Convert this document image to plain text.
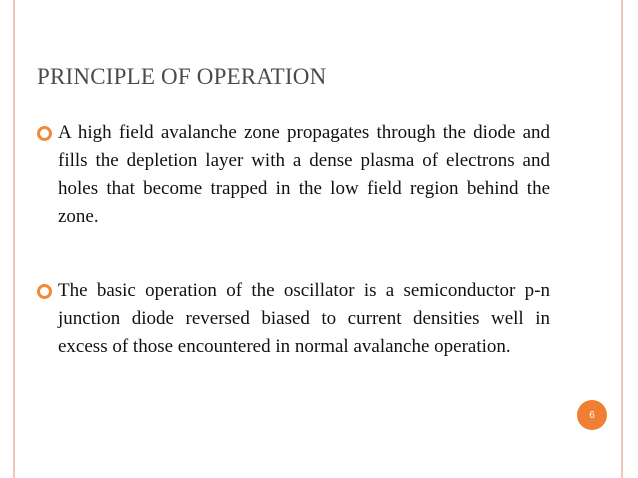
PRINCIPLE OF OPERATION
A high field avalanche zone propagates through the diode and fills the depletion layer with a dense plasma of electrons and holes that become trapped in the low field region behind the zone.
The basic operation of the oscillator is a semiconductor p-n junction diode reversed biased to current densities well in excess of those encountered in normal avalanche operation.
6
